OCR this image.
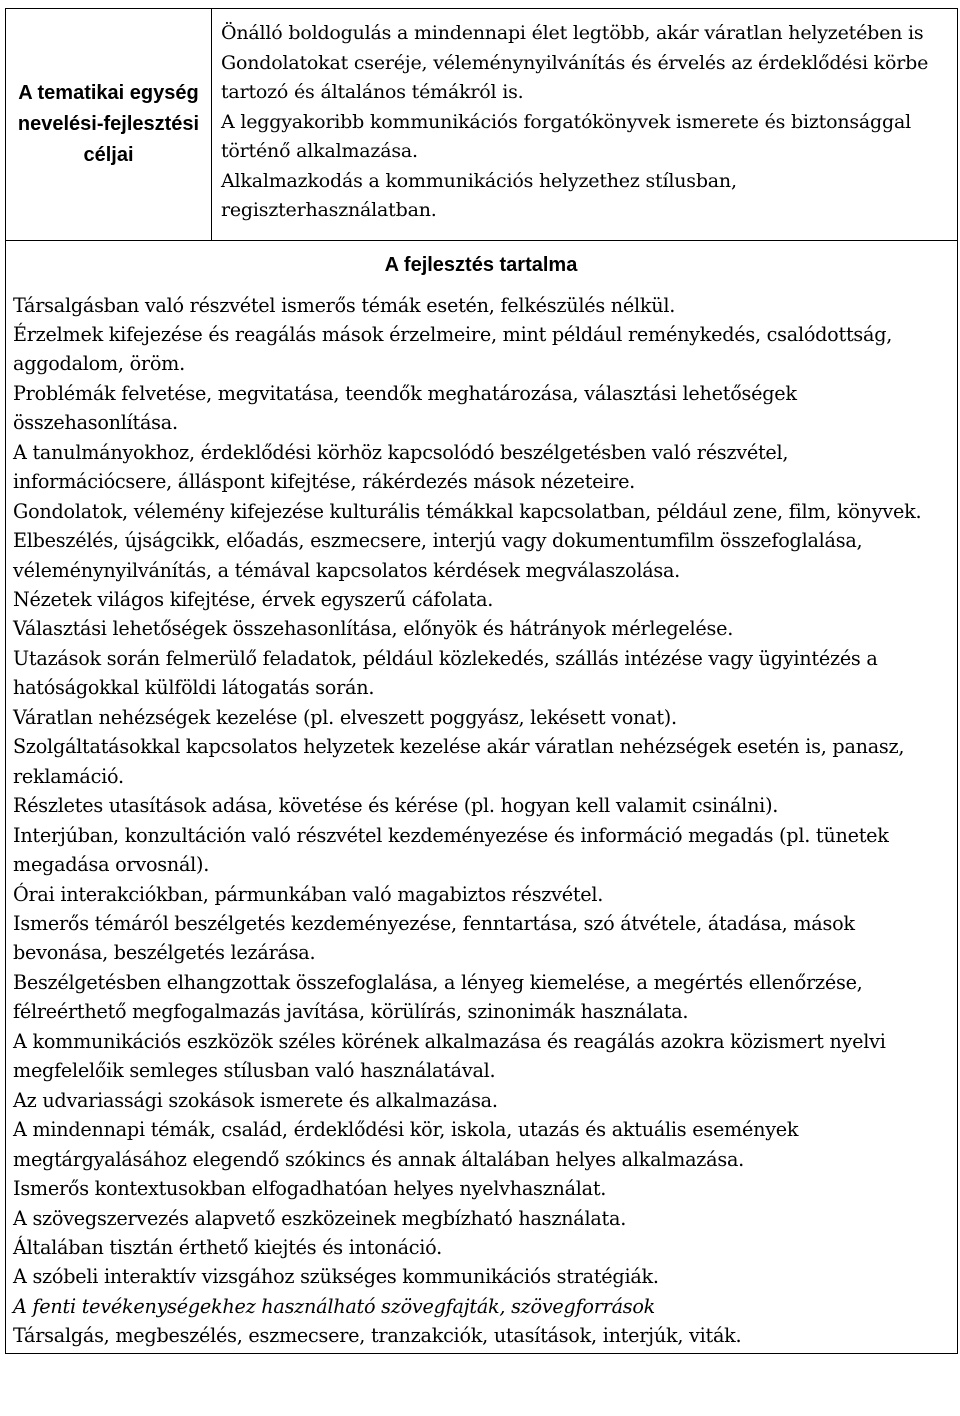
A tematikai egység nevelési-fejlesztési céljai

Önálló boldogulás a mindennapi élet legtöbb, akár váratlan helyzetében is

Gondolatokat cseréje, véleménynyilvánítás és érvelés az érdeklődési körbe tartozó és általános témákról is.

A leggyakoribb kommunikációs forgatókönyvek ismerete és biztonsággal történő alkalmazása.

Alkalmazkodás a kommunikációs helyzethez stílusban, regiszterhasználatban.

A fejlesztés tartalma

Társalgásban való részvétel ismerős témák esetén, felkészülés nélkül.

Érzelmek kifejezése és reagálás mások érzelmeire, mint például reménykedés, csalódottság, aggodalom, öröm.

Problémák felvetése, megvitatása, teendők meghatározása, választási lehetőségek összehasonlítása.

A tanulmányokhoz, érdeklődési körhöz kapcsolódó beszélgetésben való részvétel, információcsere, álláspont kifejtése, rákérdezés mások nézeteire.

Gondolatok, vélemény kifejezése kulturális témákkal kapcsolatban, például zene, film, könyvek.

Elbeszélés, újságcikk, előadás, eszmecsere, interjú vagy dokumentumfilm összefoglalása, véleménynyilvánítás, a témával kapcsolatos kérdések megválaszolása.

Nézetek világos kifejtése, érvek egyszerű cáfolata.

Választási lehetőségek összehasonlítása, előnyök és hátrányok mérlegelése.

Utazások során felmerülő feladatok, például közlekedés, szállás intézése vagy ügyintézés a hatóságokkal külföldi látogatás során.

Váratlan nehézségek kezelése (pl. elveszett poggyász, lekésett vonat).

Szolgáltatásokkal kapcsolatos helyzetek kezelése akár váratlan nehézségek esetén is, panasz, reklamáció.

Részletes utasítások adása, követése és kérése (pl. hogyan kell valamit csinálni).

Interjúban, konzultáción való részvétel kezdeményezése és információ megadás (pl. tünetek megadása orvosnál).

Órai interakciókban, pármunkában való magabiztos részvétel.

Ismerős témáról beszélgetés kezdeményezése, fenntartása, szó átvétele, átadása, mások bevonása, beszélgetés lezárása.

Beszélgetésben elhangzottak összefoglalása, a lényeg kiemelése, a megértés ellenőrzése, félreérthető megfogalmazás javítása, körülírás, szinonimák használata.

A kommunikációs eszközök széles körének alkalmazása és reagálás azokra közismert nyelvi megfelelőik semleges stílusban való használatával.

Az udvariassági szokások ismerete és alkalmazása.

A mindennapi témák, család, érdeklődési kör, iskola, utazás és aktuális események megtárgyalásához elegendő szókincs és annak általában helyes alkalmazása.

Ismerős kontextusokban elfogadhatóan helyes nyelvhasználat.

A szövegszervezés alapvető eszközeinek megbízható használata.

Általában tisztán érthető kiejtés és intonáció.

A szóbeli interaktív vizsgához szükséges kommunikációs stratégiák.

A fenti tevékenységekhez használható szövegfajták, szövegforrások

Társalgás, megbeszélés, eszmecsere, tranzakciók, utasítások, interjúk, viták.
